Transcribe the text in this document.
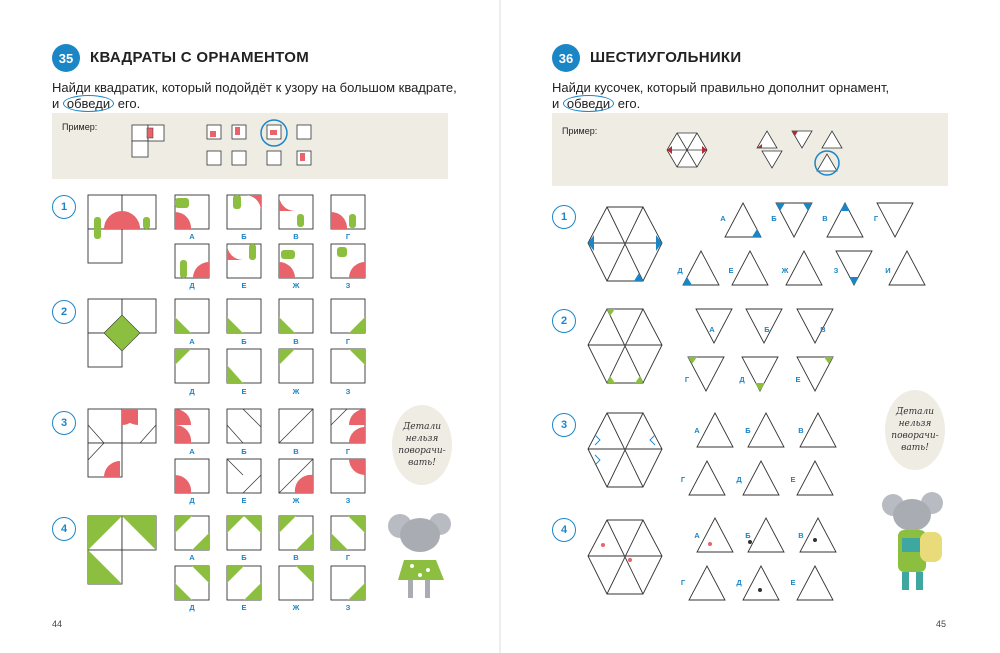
35	КВАДРАТЫ С ОРНАМЕНТОМ
Найди квадратик, который подойдёт к узору на большом квадрате,
и обведи его.
Пример:
1
2
3
4
А	Б	В	Г
Д	Е	Ж	З
А	Б	В	Г
Д	Е	Ж	З
А	Б	В	Г
Д	Е	Ж	З
А	Б	В	Г
Д	Е	Ж	З
Детали нельзя поворачи-вать!
44
36	ШЕСТИУГОЛЬНИКИ
Найди кусочек, который правильно дополнит орнамент,
и обведи его.
Пример:
1
2
3
4
А	Б	В	Г
Д	Е	Ж	З	И
А	Б	В
Г	Д	Е
А	Б	В
Г	Д	Е
А	Б	В
Г	Д	Е
Детали нельзя поворачи-вать!
45
